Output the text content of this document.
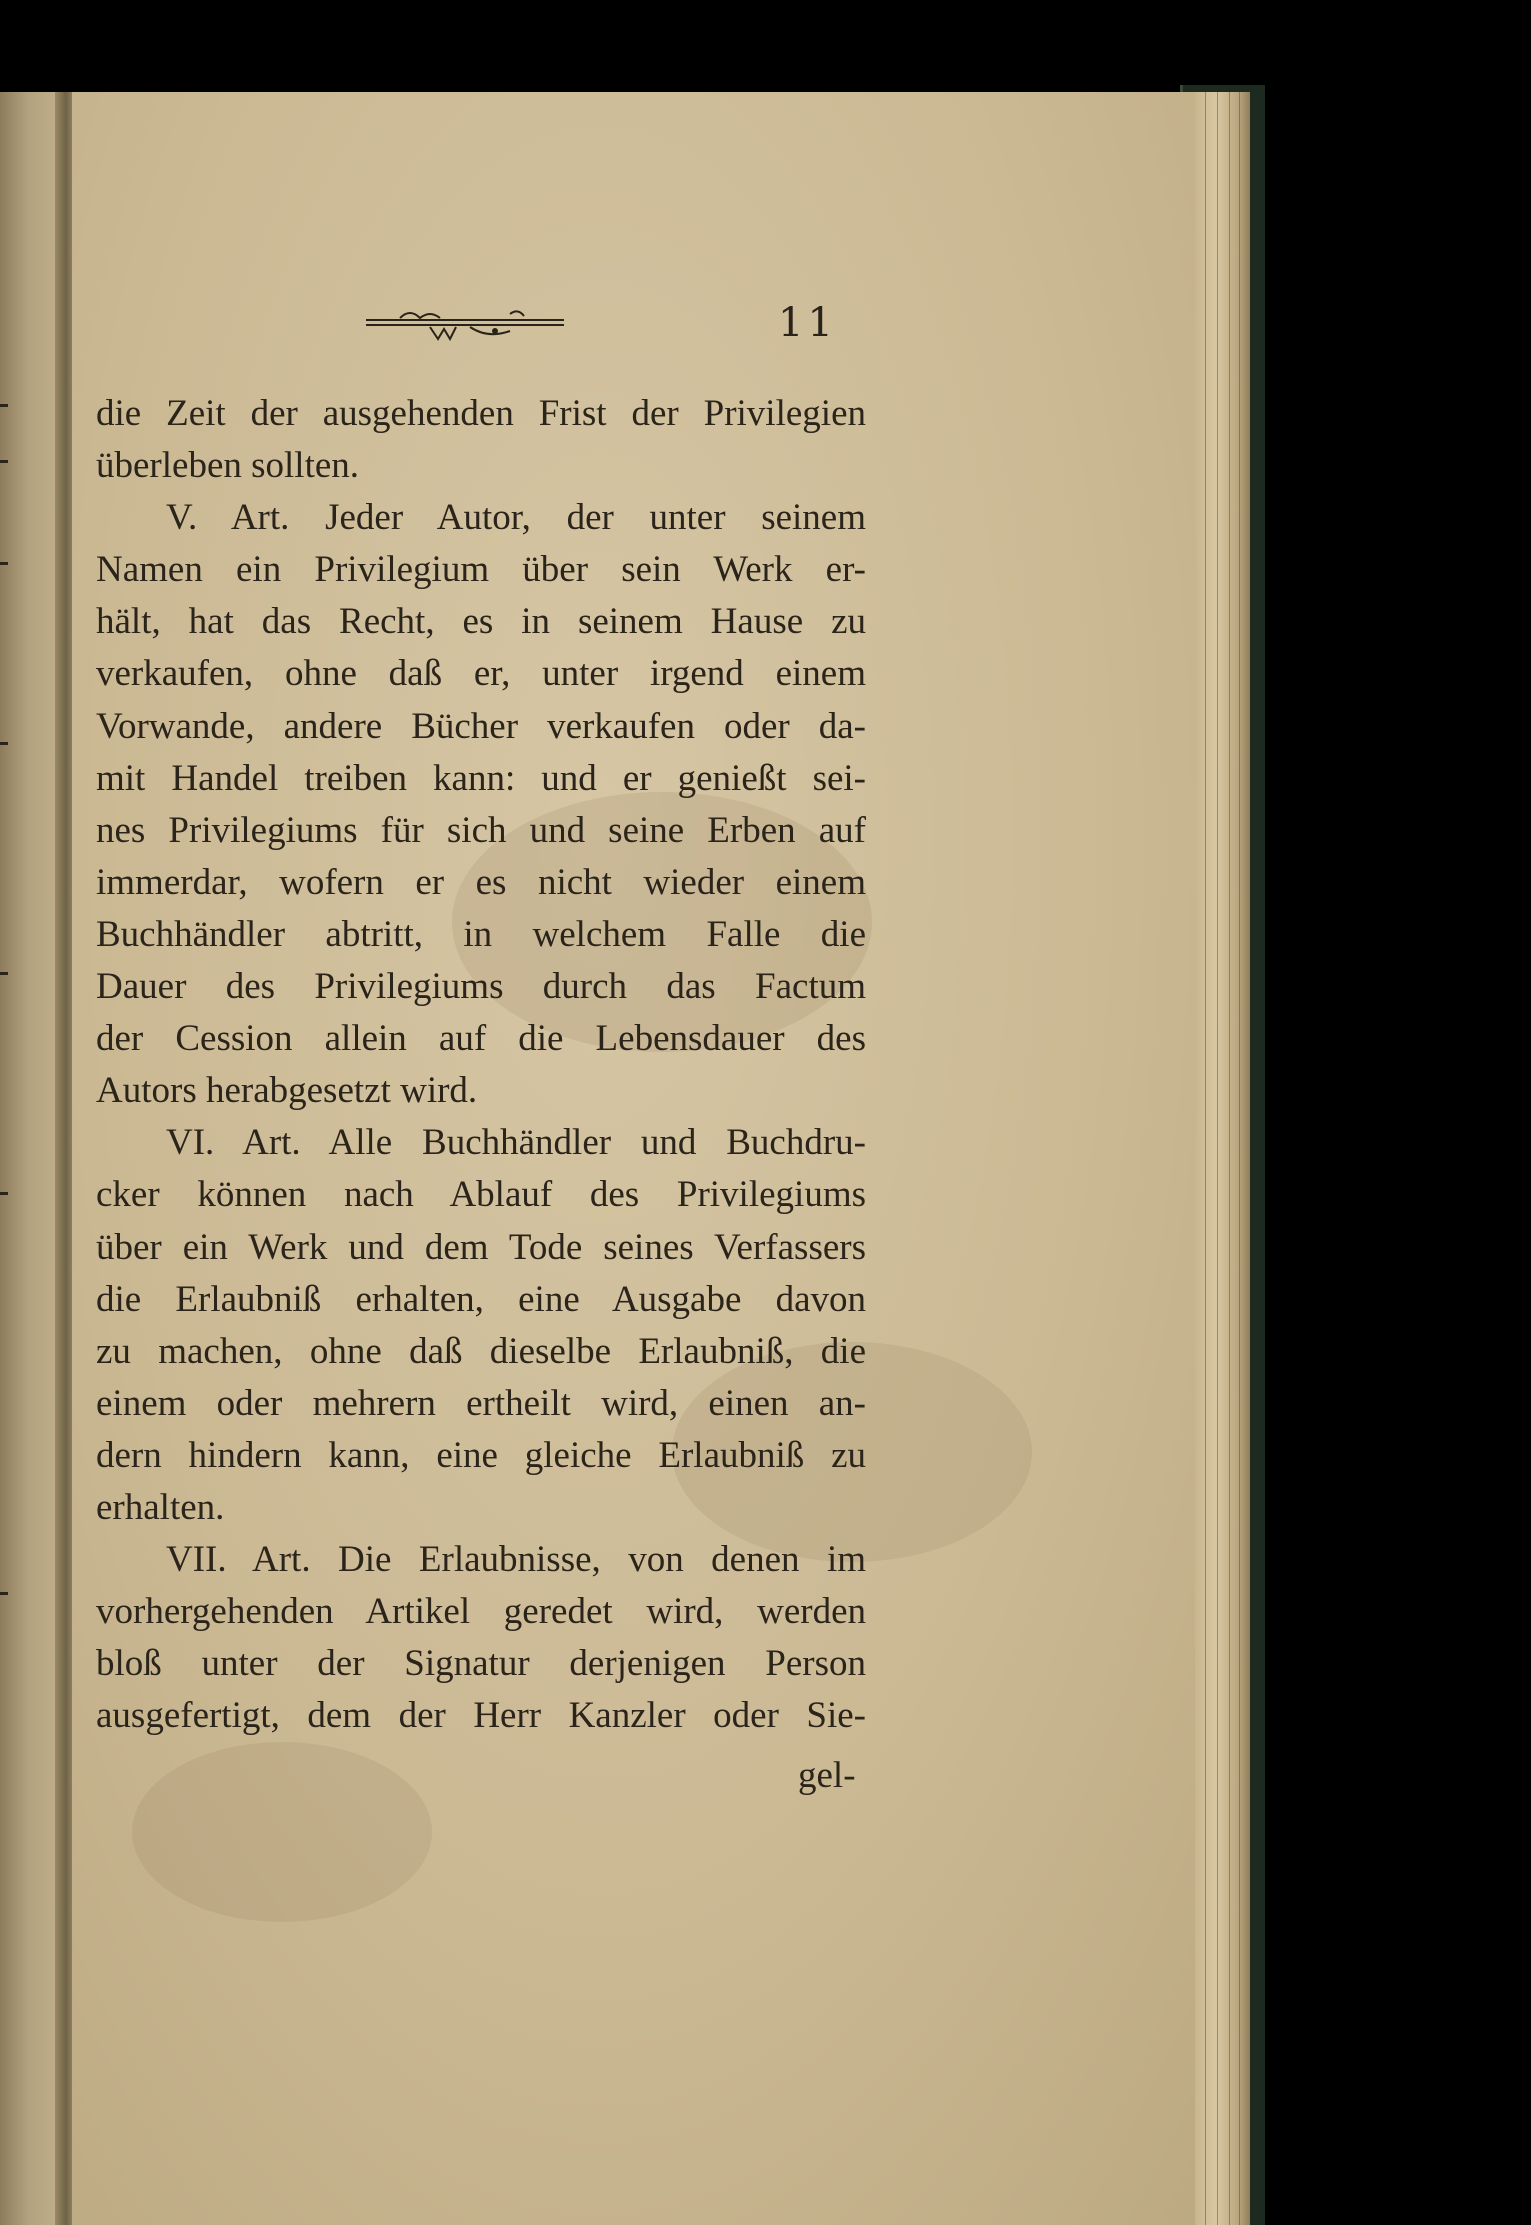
11
die Zeit der ausgehenden Frist der Privilegien
überleben sollten.
V. Art. Jeder Autor, der unter seinem
Namen ein Privilegium über sein Werk er-
hält, hat das Recht, es in seinem Hause zu
verkaufen, ohne daß er, unter irgend einem
Vorwande, andere Bücher verkaufen oder da-
mit Handel treiben kann: und er genießt sei-
nes Privilegiums für sich und seine Erben auf
immerdar, wofern er es nicht wieder einem
Buchhändler abtritt, in welchem Falle die
Dauer des Privilegiums durch das Factum
der Cession allein auf die Lebensdauer des
Autors herabgesetzt wird.
VI. Art. Alle Buchhändler und Buchdru-
cker können nach Ablauf des Privilegiums
über ein Werk und dem Tode seines Verfassers
die Erlaubniß erhalten, eine Ausgabe davon
zu machen, ohne daß dieselbe Erlaubniß, die
einem oder mehrern ertheilt wird, einen an-
dern hindern kann, eine gleiche Erlaubniß zu
erhalten.
VII. Art. Die Erlaubnisse, von denen im
vorhergehenden Artikel geredet wird, werden
bloß unter der Signatur derjenigen Person
ausgefertigt, dem der Herr Kanzler oder Sie-
gel-
